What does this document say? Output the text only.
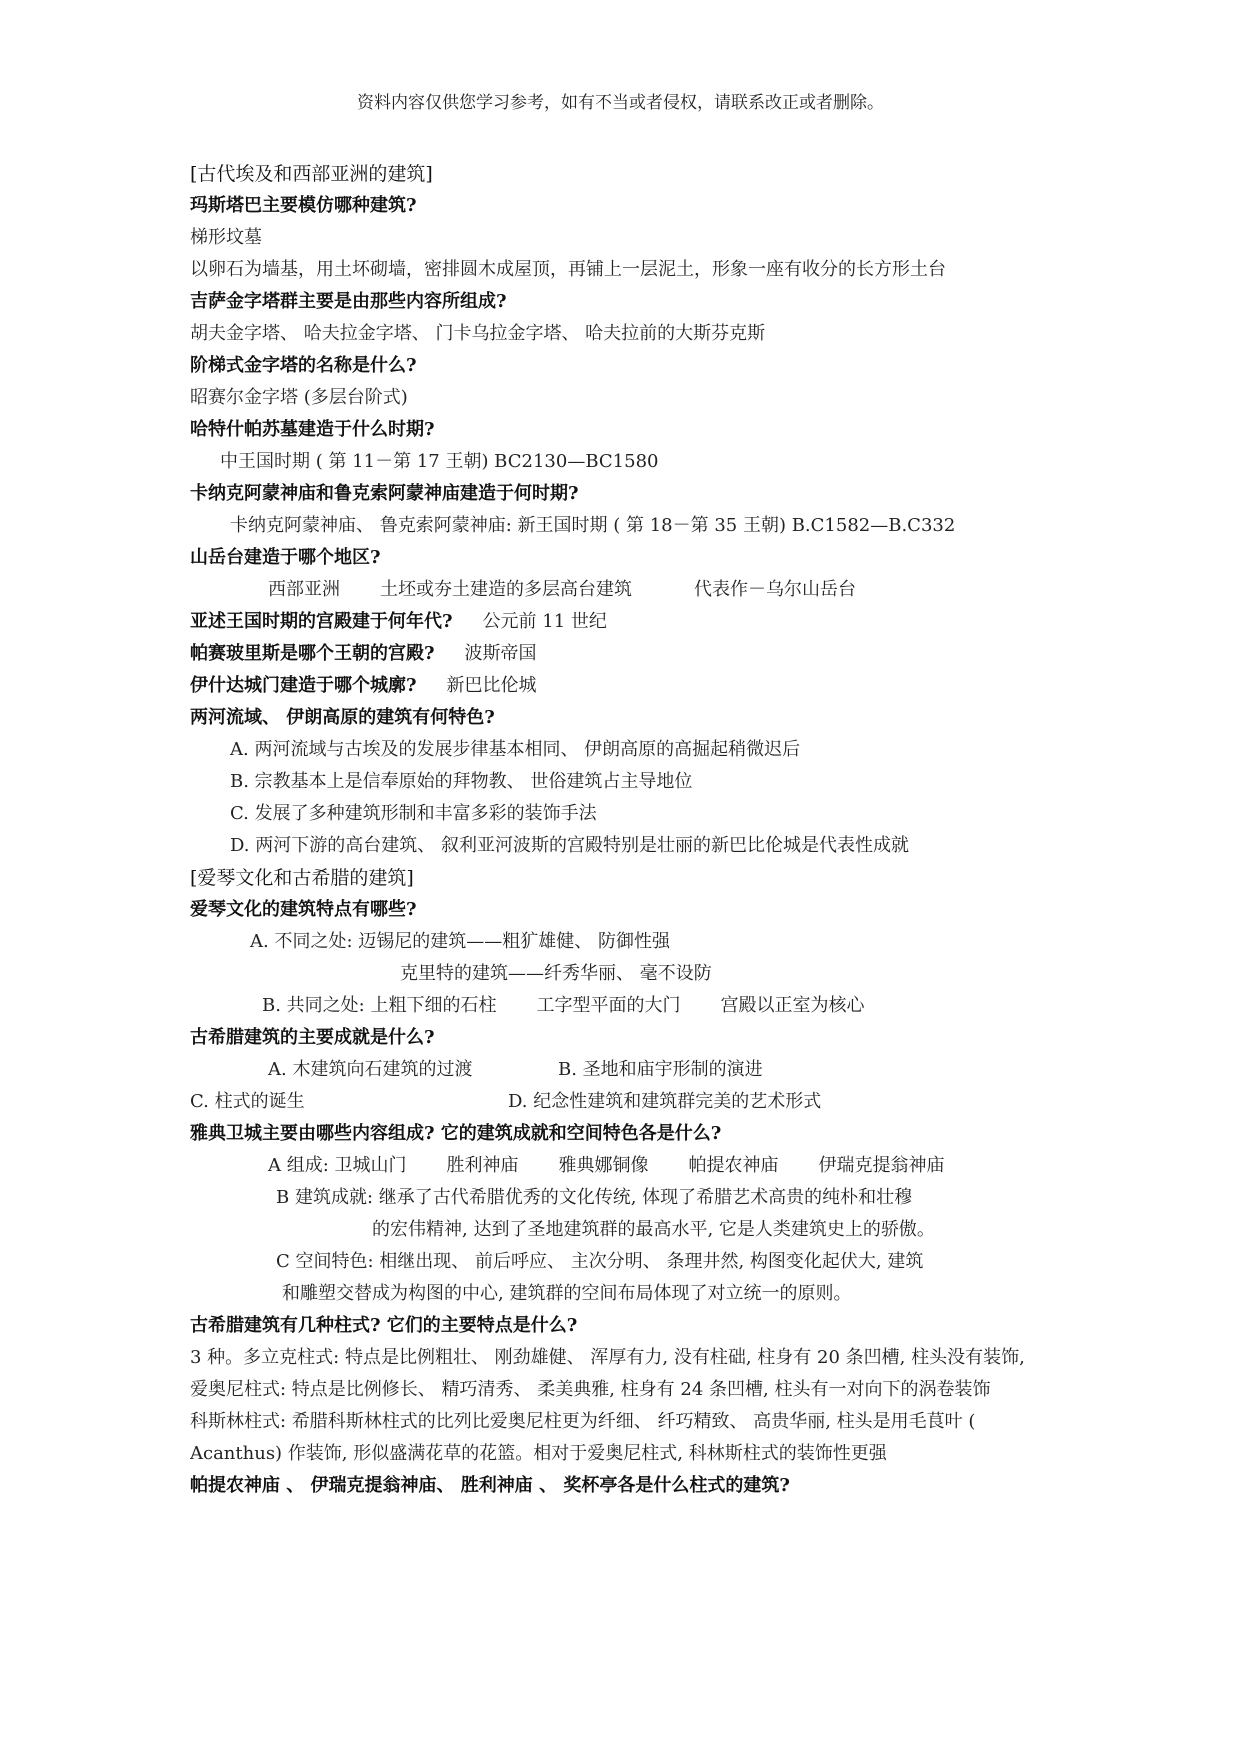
资料内容仅供您学习参考，如有不当或者侵权，请联系改正或者删除。
[古代埃及和西部亚洲的建筑]
玛斯塔巴主要模仿哪种建筑?
梯形坟墓
以卵石为墙基，用土坏砌墙，密排圆木成屋顶，再铺上一层泥土，形象一座有收分的长方形土台
吉萨金字塔群主要是由那些内容所组成?
胡夫金字塔、 哈夫拉金字塔、 门卡乌拉金字塔、 哈夫拉前的大斯芬克斯
阶梯式金字塔的名称是什么?
昭赛尔金字塔 (多层台阶式)
哈特什帕苏墓建造于什么时期?
中王国时期 ( 第 11－第 17 王朝) BC2130—BC1580
卡纳克阿蒙神庙和鲁克索阿蒙神庙建造于何时期?
卡纳克阿蒙神庙、 鲁克索阿蒙神庙: 新王国时期 ( 第 18－第 35 王朝) B.C1582—B.C332
山岳台建造于哪个地区?
西部亚洲 土坯或夯土建造的多层高台建筑	代表作－乌尔山岳台
亚述王国时期的宫殿建于何年代? 公元前 11 世纪
帕赛玻里斯是哪个王朝的宫殿? 波斯帝国
伊什达城门建造于哪个城廓? 新巴比伦城
两河流域、 伊朗高原的建筑有何特色?
A. 两河流域与古埃及的发展步律基本相同、 伊朗高原的高掘起稍微迟后
B. 宗教基本上是信奉原始的拜物教、 世俗建筑占主导地位
C. 发展了多种建筑形制和丰富多彩的装饰手法
D. 两河下游的高台建筑、 叙利亚河波斯的宫殿特别是壮丽的新巴比伦城是代表性成就
[爱琴文化和古希腊的建筑]
爱琴文化的建筑特点有哪些?
A. 不同之处: 迈锡尼的建筑——粗犷雄健、 防御性强
克里特的建筑——纤秀华丽、 毫不设防
B. 共同之处: 上粗下细的石柱 工字型平面的大门 宫殿以正室为核心
古希腊建筑的主要成就是什么?
A. 木建筑向石建筑的过渡	B. 圣地和庙宇形制的演进
C. 柱式的诞生	D. 纪念性建筑和建筑群完美的艺术形式
雅典卫城主要由哪些内容组成? 它的建筑成就和空间特色各是什么?
A 组成: 卫城山门 胜利神庙 雅典娜铜像 帕提农神庙 伊瑞克提翁神庙
B 建筑成就: 继承了古代希腊优秀的文化传统, 体现了希腊艺术高贵的纯朴和壮穆
的宏伟精神, 达到了圣地建筑群的最高水平, 它是人类建筑史上的骄傲。
C 空间特色: 相继出现、 前后呼应、 主次分明、 条理井然, 构图变化起伏大, 建筑
和雕塑交替成为构图的中心, 建筑群的空间布局体现了对立统一的原则。
古希腊建筑有几种柱式? 它们的主要特点是什么?
3 种。多立克柱式: 特点是比例粗壮、 刚劲雄健、 浑厚有力, 没有柱础, 柱身有 20 条凹槽, 柱头没有装饰,
爱奥尼柱式: 特点是比例修长、 精巧清秀、 柔美典雅, 柱身有 24 条凹槽, 柱头有一对向下的涡卷装饰
科斯林柱式: 希腊科斯林柱式的比列比爱奥尼柱更为纤细、 纤巧精致、 高贵华丽, 柱头是用毛茛叶 ( Acanthus) 作装饰, 形似盛满花草的花篮。相对于爱奥尼柱式, 科林斯柱式的装饰性更强
帕提农神庙 、 伊瑞克提翁神庙、 胜利神庙 、 奖杯亭各是什么柱式的建筑?
